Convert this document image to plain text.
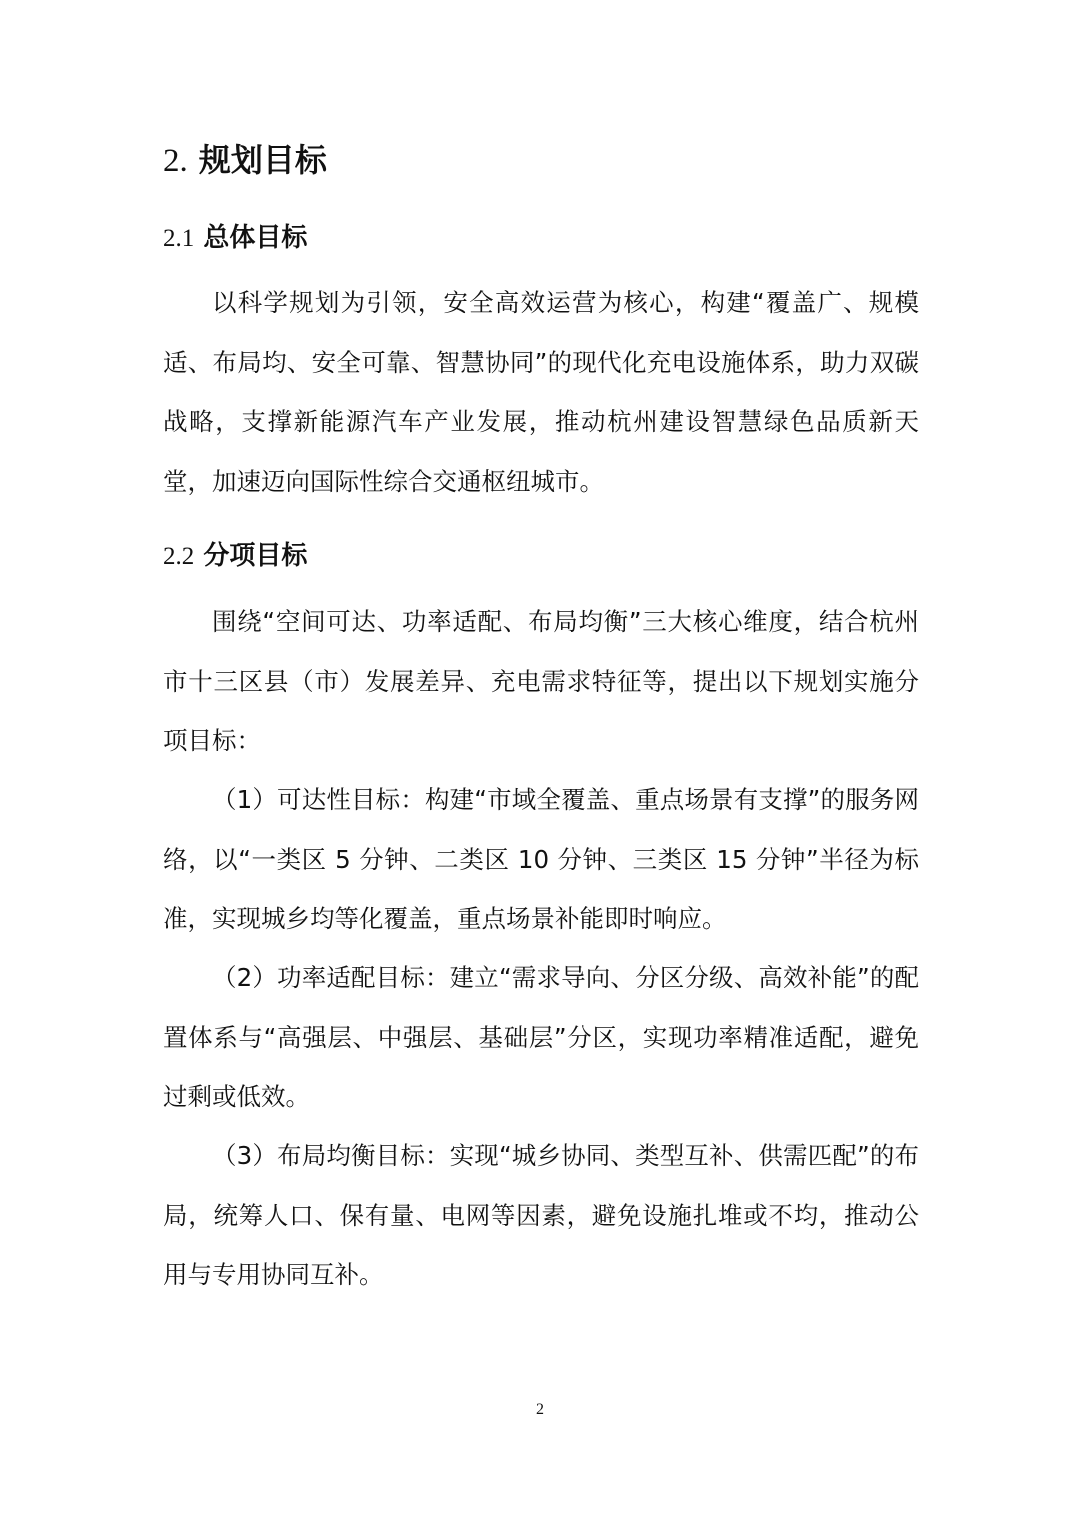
2. 规划目标
2.1 总体目标

以科学规划为引领，安全高效运营为核心，构建“覆盖广、规模适、布局均、安全可靠、智慧协同”的现代化充电设施体系，助力双碳战略，支撑新能源汽车产业发展，推动杭州建设智慧绿色品质新天堂，加速迈向国际性综合交通枢纽城市。

2.2 分项目标

围绕“空间可达、功率适配、布局均衡”三大核心维度，结合杭州市十三区县（市）发展差异、充电需求特征等，提出以下规划实施分项目标：

（1）可达性目标：构建“市域全覆盖、重点场景有支撑”的服务网络，以“一类区 5 分钟、二类区 10 分钟、三类区 15 分钟”半径为标准，实现城乡均等化覆盖，重点场景补能即时响应。

（2）功率适配目标：建立“需求导向、分区分级、高效补能”的配置体系与“高强层、中强层、基础层”分区，实现功率精准适配，避免过剩或低效。

（3）布局均衡目标：实现“城乡协同、类型互补、供需匹配”的布局，统筹人口、保有量、电网等因素，避免设施扎堆或不均，推动公用与专用协同互补。

2
